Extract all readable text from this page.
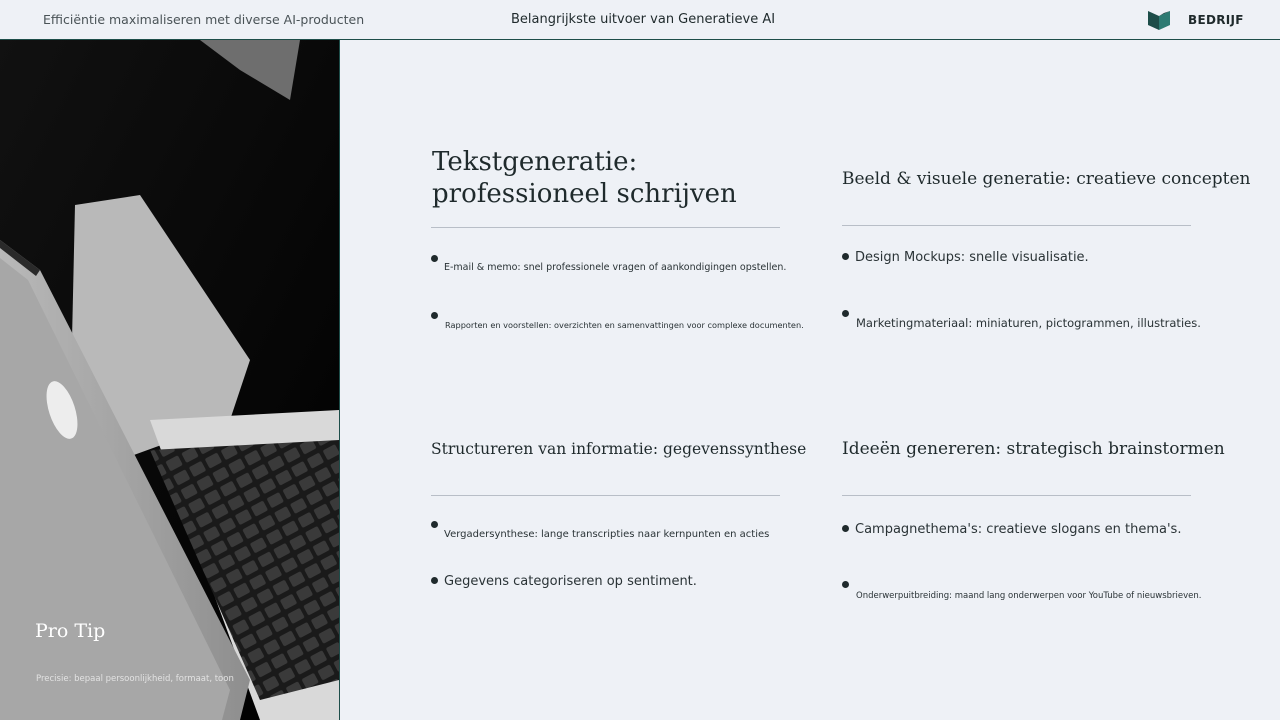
Efficiëntie maximaliseren met diverse AI-producten	Belangrijkste uitvoer van Generatieve AI	BEDRIJF
Pro Tip
Precisie: bepaal persoonlijkheid, formaat, toon
Tekstgeneratie:
professioneel schrijven
E-mail & memo: snel professionele vragen of aankondigingen opstellen.
Rapporten en voorstellen: overzichten en samenvattingen voor complexe documenten.
Beeld & visuele generatie: creatieve concepten
Design Mockups: snelle visualisatie.
Marketingmateriaal: miniaturen, pictogrammen, illustraties.
Structureren van informatie: gegevenssynthese
Vergadersynthese: lange transcripties naar kernpunten en acties
Gegevens categoriseren op sentiment.
Ideeën genereren: strategisch brainstormen
Campagnethema's: creatieve slogans en thema's.
Onderwerpuitbreiding: maand lang onderwerpen voor YouTube of nieuwsbrieven.
